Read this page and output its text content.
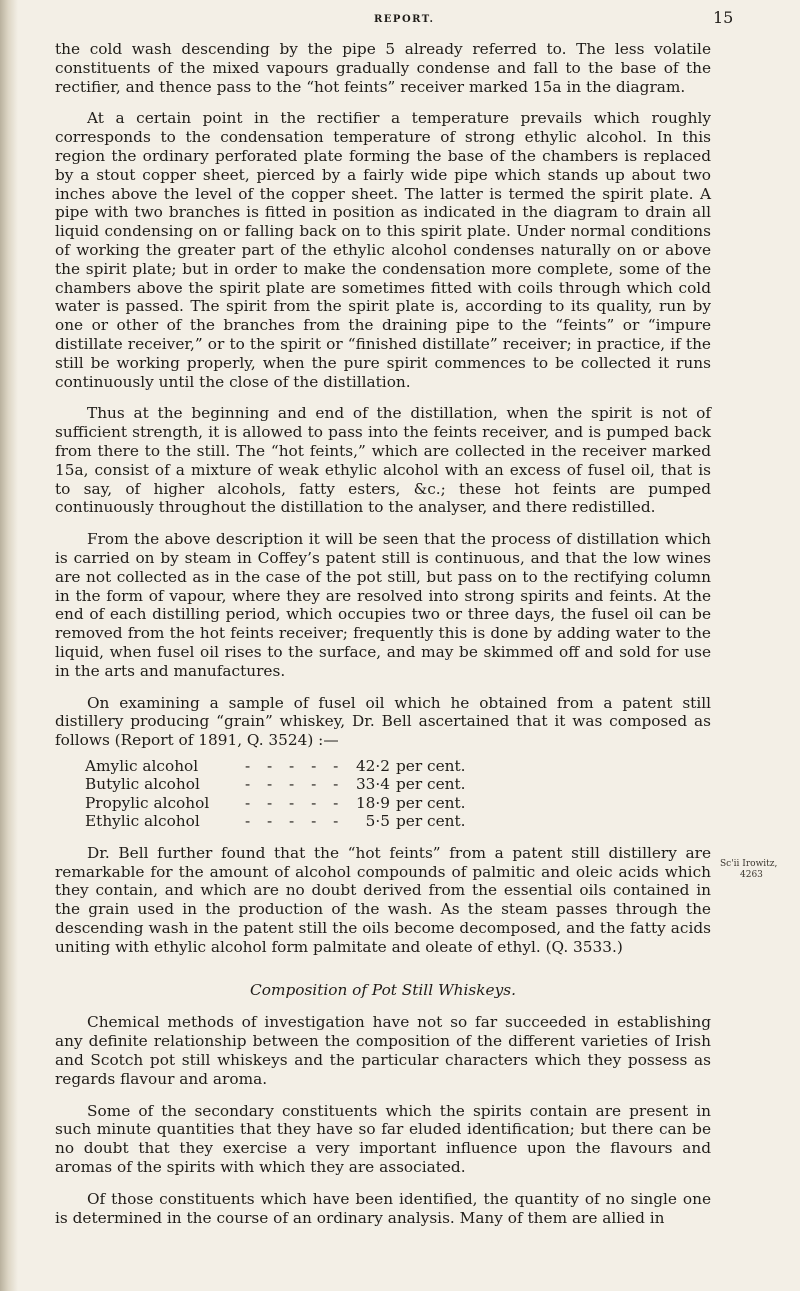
REPORT.	15

the cold wash descending by the pipe 5 already referred to. The less volatile constituents of the mixed vapours gradually condense and fall to the base of the rectifier, and thence pass to the “hot feints” receiver marked 15a in the diagram.

At a certain point in the rectifier a temperature prevails which roughly corresponds to the condensation temperature of strong ethylic alcohol. In this region the ordinary perforated plate forming the base of the chambers is replaced by a stout copper sheet, pierced by a fairly wide pipe which stands up about two inches above the level of the copper sheet. The latter is termed the spirit plate. A pipe with two branches is fitted in position as indicated in the diagram to drain all liquid condensing on or falling back on to this spirit plate. Under normal conditions of working the greater part of the ethylic alcohol condenses naturally on or above the spirit plate; but in order to make the condensation more complete, some of the chambers above the spirit plate are sometimes fitted with coils through which cold water is passed. The spirit from the spirit plate is, according to its quality, run by one or other of the branches from the draining pipe to the “feints” or “impure distillate receiver,” or to the spirit or “finished distillate” receiver; in practice, if the still be working properly, when the pure spirit commences to be collected it runs continuously until the close of the distillation.

Thus at the beginning and end of the distillation, when the spirit is not of sufficient strength, it is allowed to pass into the feints receiver, and is pumped back from there to the still. The “hot feints,” which are collected in the receiver marked 15a, consist of a mixture of weak ethylic alcohol with an excess of fusel oil, that is to say, of higher alcohols, fatty esters, &c.; these hot feints are pumped continuously throughout the distillation to the analyser, and there redistilled.

From the above description it will be seen that the process of distillation which is carried on by steam in Coffey’s patent still is continuous, and that the low wines are not collected as in the case of the pot still, but pass on to the rectifying column in the form of vapour, where they are resolved into strong spirits and feints. At the end of each distilling period, which occupies two or three days, the fusel oil can be removed from the hot feints receiver; frequently this is done by adding water to the liquid, when fusel oil rises to the surface, and may be skimmed off and sold for use in the arts and manufactures.

On examining a sample of fusel oil which he obtained from a patent still distillery producing “grain” whiskey, Dr. Bell ascertained that it was composed as follows (Report of 1891, Q. 3524) :—

Amylic alcohol	- - - - - 42·2 per cent.
Butylic alcohol	- - - - - 33·4 per cent.
Propylic alcohol	- - - - - 18·9 per cent.
Ethylic alcohol	- - - - -	5·5 per cent.

Dr. Bell further found that the “hot feints” from a patent still distillery are remarkable for the amount of alcohol compounds of palmitic and oleic acids which they contain, and which are no doubt derived from the essential oils contained in the grain used in the production of the wash. As the steam passes through the descending wash in the patent still the oils become decomposed, and the fatty acids uniting with ethylic alcohol form palmitate and oleate of ethyl. (Q. 3533.)

Composition of Pot Still Whiskeys.

Chemical methods of investigation have not so far succeeded in establishing any definite relationship between the composition of the different varieties of Irish and Scotch pot still whiskeys and the particular characters which they possess as regards flavour and aroma.

Some of the secondary constituents which the spirits contain are present in such minute quantities that they have so far eluded identification; but there can be no doubt that they exercise a very important influence upon the flavours and aromas of the spirits with which they are associated.

Of those constituents which have been identified, the quantity of no single one is determined in the course of an ordinary analysis. Many of them are allied in

Sc'ii Irowitz,
4263
